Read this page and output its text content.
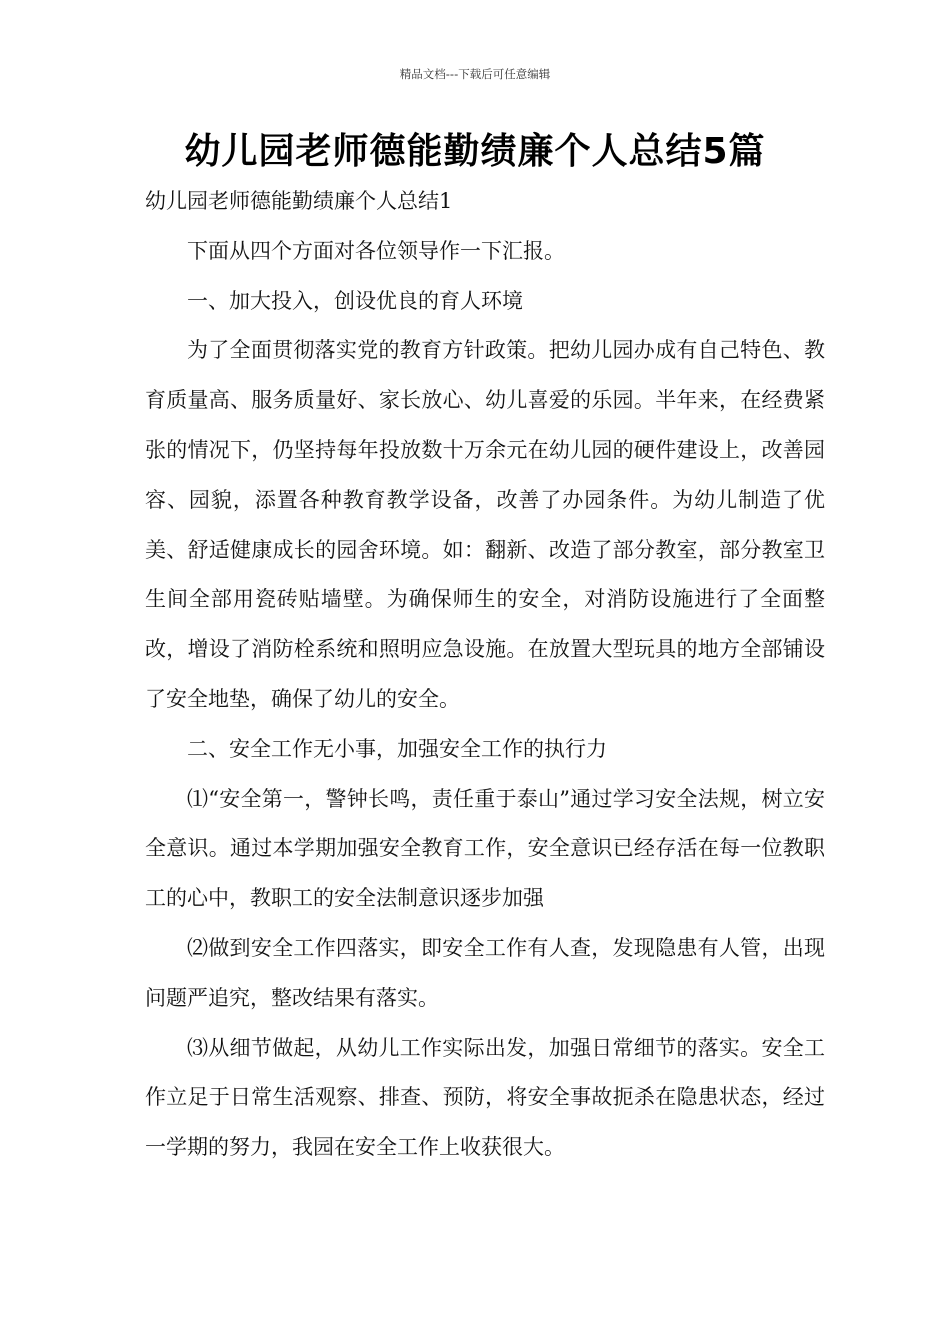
精品文档---下载后可任意编辑
幼儿园老师德能勤绩廉个人总结5篇

幼儿园老师德能勤绩廉个人总结1

下面从四个方面对各位领导作一下汇报。

一、加大投入，创设优良的育人环境

为了全面贯彻落实党的教育方针政策。把幼儿园办成有自己特色、教育质量高、服务质量好、家长放心、幼儿喜爱的乐园。半年来，在经费紧张的情况下，仍坚持每年投放数十万余元在幼儿园的硬件建设上，改善园容、园貌，添置各种教育教学设备，改善了办园条件。为幼儿制造了优美、舒适健康成长的园舍环境。如：翻新、改造了部分教室，部分教室卫生间全部用瓷砖贴墙壁。为确保师生的安全，对消防设施进行了全面整改，增设了消防栓系统和照明应急设施。在放置大型玩具的地方全部铺设了安全地垫，确保了幼儿的安全。

二、安全工作无小事，加强安全工作的执行力

⑴“安全第一，警钟长鸣，责任重于泰山”通过学习安全法规，树立安全意识。通过本学期加强安全教育工作，安全意识已经存活在每一位教职工的心中，教职工的安全法制意识逐步加强

⑵做到安全工作四落实，即安全工作有人查，发现隐患有人管，出现问题严追究，整改结果有落实。

⑶从细节做起，从幼儿工作实际出发，加强日常细节的落实。安全工作立足于日常生活观察、排查、预防，将安全事故扼杀在隐患状态，经过一学期的努力，我园在安全工作上收获很大。
